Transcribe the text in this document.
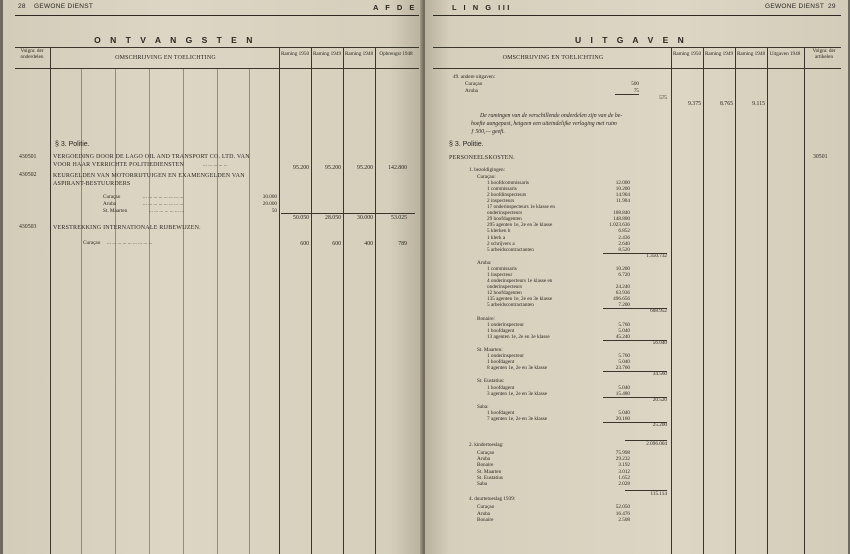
28 GEWONE DIENST	A F D E
O N T V A N G S T E N
Volgnr. der onderdelen	OMSCHRIJVING EN TOELICHTING
Raming 1950 Raming 1949 Raming 1948	Opbrengst 1948
§ 3. Politie.
430501	VERGOEDING DOOR DE LAGO OIL AND TRANSPORT CO. LTD. VAN
VOOR HAAR VERRICHTE POLITIEDIENSTEN	... ... ... ... ...	95.200	95.200	95.200	142.800
430502	KEURGELDEN VAN MOTORRIJTUIGEN EN EXAMENGELDEN VAN
ASPIRANT-BESTUURDERS
Curaçao	... ... ... ... ... ... ... ...	30.000
Aruba	... ... ... ... ... ... ... ...	20.000
St. Maarten	... ... ... ... ... ... ...	50
50.050	28.050	30.000	53.025
430503	VERSTREKKING INTERNATIONALE RIJBEWIJZEN.
Curaçao ... ... ... ... ... ... ... ... ...	600	600	400	789
L I N G III	GEWONE DIENST 29
U I T G A V E N
OMSCHRIJVING EN TOELICHTING
Raming 1950 Raming 1949 Raming 1948 Uitgaven 1948	Volgnr. der artikelen
49. andere uitgaven:
Curaçao	500
Aruba	75
575
9.375	8.765	9.115
De ramingen van de verschillende onderdelen zijn van de be-
hoefte aangepast, hetgeen een uiteindelijke verlaging met ruim
ƒ 500,— geeft.
§ 3. Politie.
PERSONEELSKOSTEN.	30501
1. bezoldigingen:
Curaçao:
1 hoofdcommissaris	12.000
1 commissaris	10.200
2 hoofdinspecteurs	14.904
2 inspecteurs	11.904
17 onderinspecteurs 1e klasse en
onderinspecteurs	108.840
29 hoofdagenten	148.800
295 agenten 1e, 2e en 3e klasse	1.023.636
5 klerken b	6.852
1 klerk a	2.436
2 schrijvers a	2.640
5 arbeidscontractanten	8.520
1.350.732
Aruba:
1 commissaris	10.200
1 inspecteur	6.720
4 onderinspecteurs 1e klasse en
onderinspecteurs	24.240
12 hoofdagenten	63.936
135 agenten 1e, 2e en 3e klasse	496.656
5 arbeidscontractanten	7.200
608.952
Bonaire:
1 onderinspecteur	5.760
1 hoofdagent	5.040
13 agenten 1e, 2e en 3e klasse	45.240
56.040
St. Maarten:
1 onderinspecteur	5.760
1 hoofdagent	5.040
8 agenten 1e, 2e en 3e klasse	23.760
34.560
St. Eustatius:
1 hoofdagent	5.040
3 agenten 1e, 2e en 3e klasse	15.480
20.520
Saba:
1 hoofdagent	5.040
7 agenten 1e, 2e en 3e klasse	20.160
25.200
2.096.004
2. kindertoeslag:
Curaçao	75.998
Aruba	29.232
Bonaire	3.192
St. Maarten	3.012
St. Eustatius	1.652
Saba	2.028
115.114
4. duurtetoeslag 1939:
Curaçao	52.050
Aruba	16.476
Bonaire	2.508
